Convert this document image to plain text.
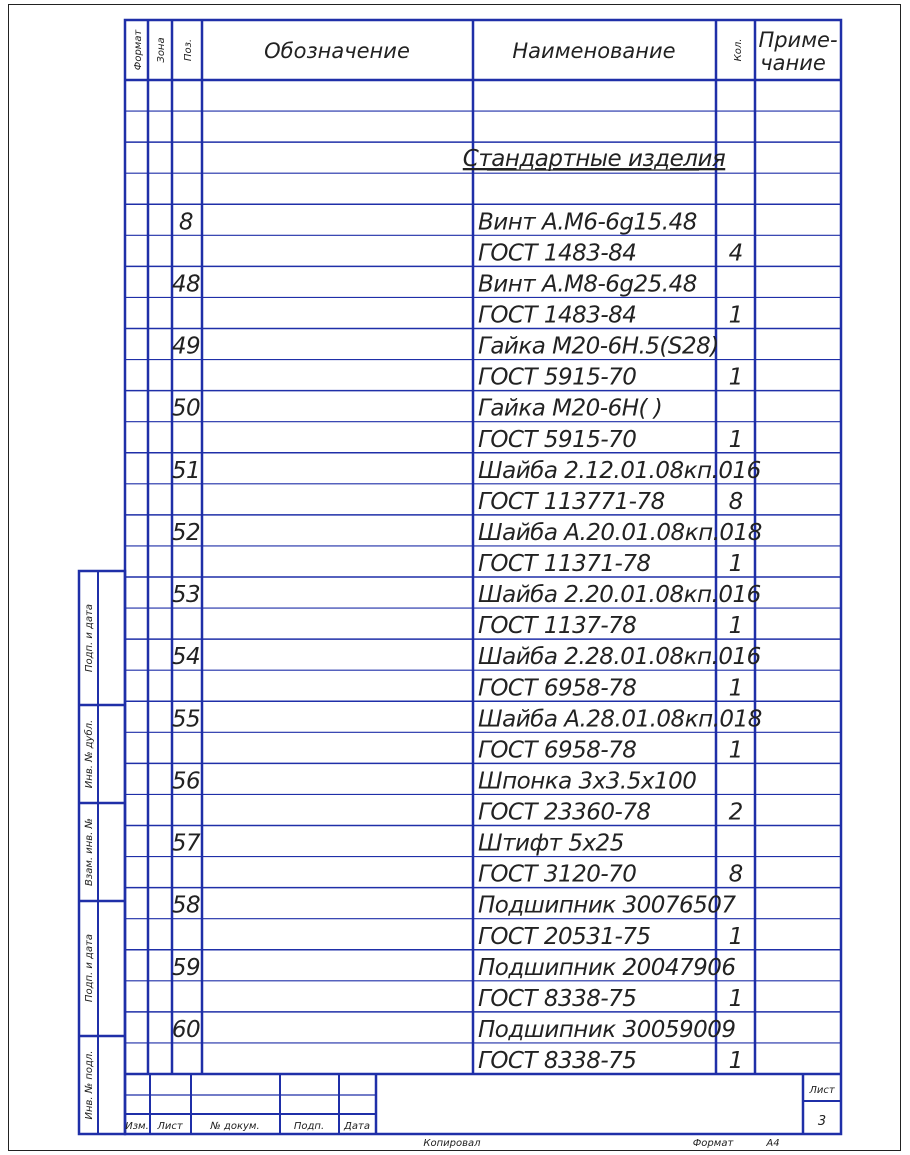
Формат Зона Поз.	Обозначение	Наименование	Кол. Приме-
чание
Стандартные изделия
8	Винт А.М6-6g15.48
ГОСТ 1483-84	4
48	Винт А.М8-6g25.48
ГОСТ 1483-84	1
49	Гайка М20-6Н.5(S28)
ГОСТ 5915-70	1
50	Гайка М20-6Н( )
ГОСТ 5915-70	1
51	Шайба 2.12.01.08кп.016
ГОСТ 113771-78	8
52	Шайба А.20.01.08кп.018
ГОСТ 11371-78	1
53	Шайба 2.20.01.08кп.016
ГОСТ 1137-78	1
54	Шайба 2.28.01.08кп.016
ГОСТ 6958-78	1
55	Шайба А.28.01.08кп.018
ГОСТ 6958-78	1
56	Шпонка 3х3.5х100
ГОСТ 23360-78	2
57	Штифт 5х25
ГОСТ 3120-70	8
58	Подшипник 30076507
ГОСТ 20531-75	1
59	Подшипник 20047906
ГОСТ 8338-75	1
60	Подшипник 30059009
ГОСТ 8338-75	1
Подп. и дата
Инв. № дубл.
Взам. инв. №
Подп. и дата
Инв. № подл.
Изм. Лист	№ докум.	Подп. Дата
Лист
3
Копировал	Формат	А4
